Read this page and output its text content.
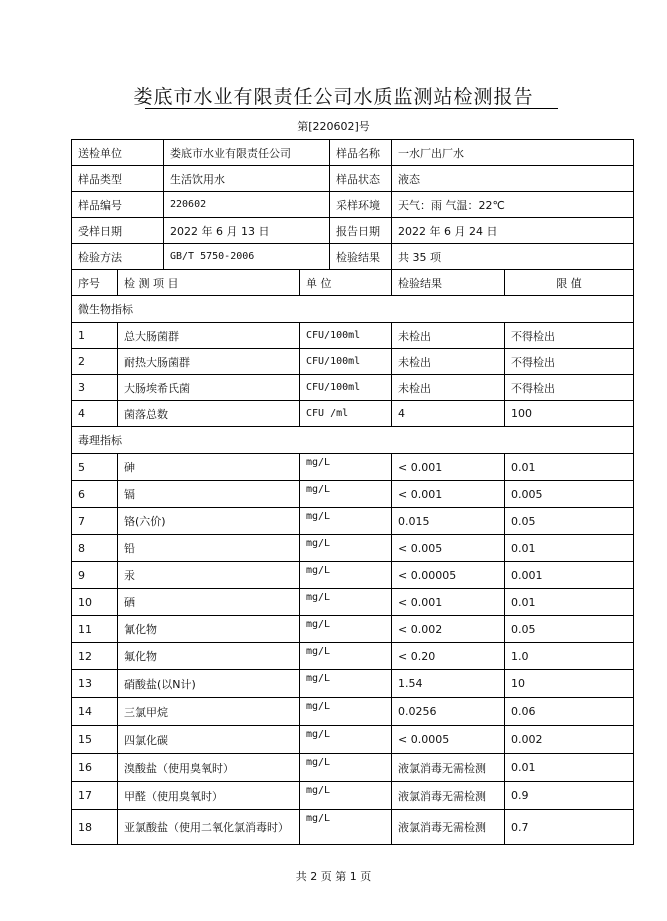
娄底市水业有限责任公司水质监测站检测报告
第[220602]号
送检单位		娄底市水业有限责任公司		样品名称	一水厂出厂水	
样品类型		生活饮用水		样品状态	液态	
样品编号		220602		采样环境	天气：雨 气温：22℃	
受样日期		2022 年 6 月 13 日		报告日期	2022 年 6 月 24 日	
检验方法		GB/T 5750-2006		检验结果	共 35 项	
序号	检 测 项 目		单 位		检验结果	限 值
微生物指标						
1	总大肠菌群		CFU/100ml		未检出	不得检出
2	耐热大肠菌群		CFU/100ml		未检出	不得检出
3	大肠埃希氏菌		CFU/100ml		未检出	不得检出
4	菌落总数		CFU /ml		4	100
毒理指标						
5	砷		mg/L		< 0.001	0.01
6	镉		mg/L		< 0.001	0.005
7	铬(六价)		mg/L		0.015	0.05
8	铅		mg/L		< 0.005	0.01
9	汞		mg/L		< 0.00005	0.001
10	硒		mg/L		< 0.001	0.01
11	氰化物		mg/L		< 0.002	0.05
12	氟化物		mg/L		< 0.20	1.0
13	硝酸盐(以N计)		mg/L		1.54	10
14	三氯甲烷		mg/L		0.0256	0.06
15	四氯化碳		mg/L		< 0.0005	0.002
16	溴酸盐（使用臭氧时）		mg/L		液氯消毒无需检测	0.01
17	甲醛（使用臭氧时）		mg/L		液氯消毒无需检测	0.9
18	亚氯酸盐（使用二氧化氯消毒时）		mg/L		液氯消毒无需检测	0.7
共 2 页 第 1 页
